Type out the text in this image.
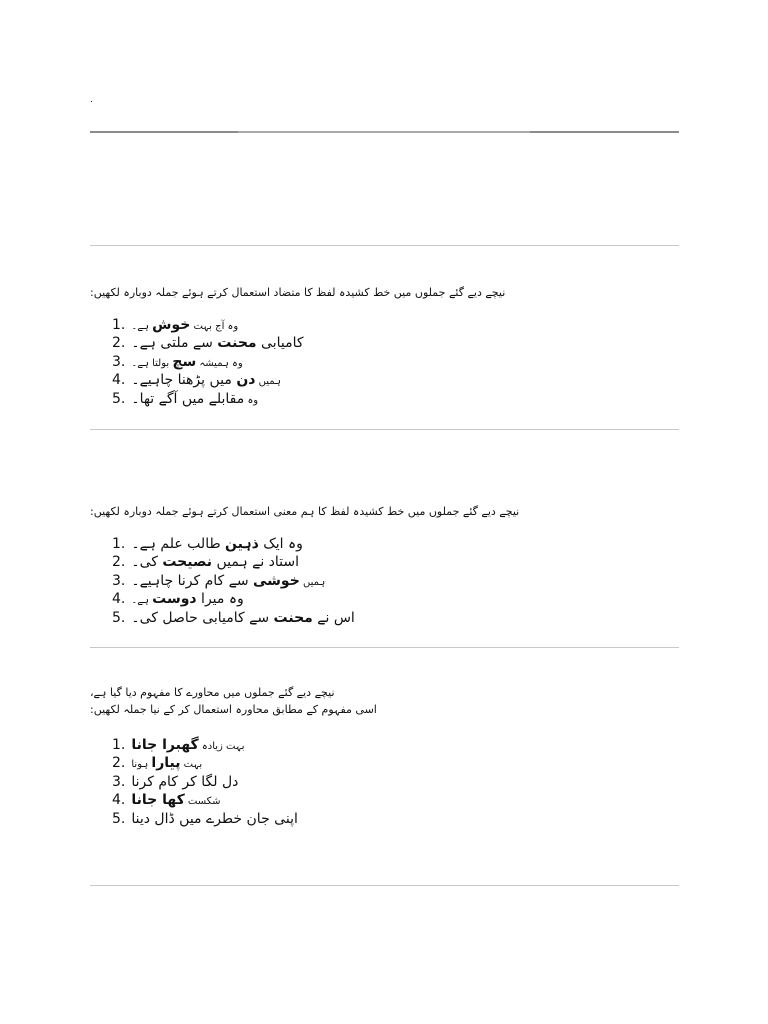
.
نیچے دیے گئے جملوں میں خط کشیدہ لفظ کا متضاد استعمال کرتے ہوئے جملہ دوبارہ لکھیں:
1.	وہ آج بہت خوش ہے۔
2.	کامیابی محنت سے ملتی ہے۔
3.	وہ ہمیشہ سچ بولتا ہے۔
4.	ہمیں دن میں پڑھنا چاہیے۔
5.	وہ مقابلے میں آگے تھا۔
نیچے دیے گئے جملوں میں خط کشیدہ لفظ کا ہم معنی استعمال کرتے ہوئے جملہ دوبارہ لکھیں:
1.	وہ ایک ذہین طالب علم ہے۔
2.	استاد نے ہمیں نصیحت کی۔
3.	ہمیں خوشی سے کام کرنا چاہیے۔
4.	وہ میرا دوست ہے۔
5.	اس نے محنت سے کامیابی حاصل کی۔
نیچے دیے گئے جملوں میں محاورے کا مفہوم دیا گیا ہے،
اسی مفہوم کے مطابق محاورہ استعمال کر کے نیا جملہ لکھیں:
1.	بہت زیادہ گھبرا جانا
2.	بہت پیارا ہونا
3. دل لگا کر کام کرنا
4.	شکست کھا جانا
5. اپنی جان خطرے میں ڈال دینا
